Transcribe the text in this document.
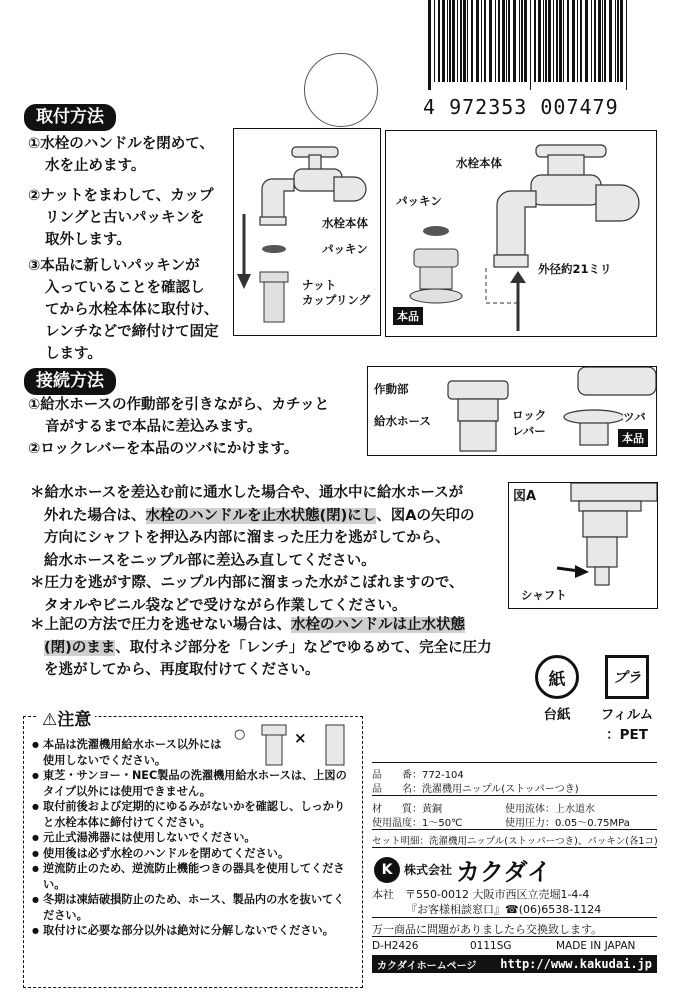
4 972353 007479
取付方法
①水栓のハンドルを閉めて、
水を止めます。
②ナットをまわして、カップ
リングと古いパッキンを
取外します。
③本品に新しいパッキンが
入っていることを確認し
てから水栓本体に取付け、
レンチなどで締付けて固定
します。
水栓本体
パッキン
ナット
カップリング
水栓本体
パッキン
外径約21ミリ
本品
接続方法
①給水ホースの作動部を引きながら、カチッと
音がするまで本品に差込みます。
②ロックレバーを本品のツバにかけます。
作動部
給水ホース	ロック
レバー
ツバ
本品
＊給水ホースを差込む前に通水した場合や、通水中に給水ホースが
外れた場合は、水栓のハンドルを止水状態(閉)にし、図Aの矢印の
方向にシャフトを押込み内部に溜まった圧力を逃がしてから、
給水ホースをニップル部に差込み直してください。
＊圧力を逃がす際、ニップル内部に溜まった水がこぼれますので、
タオルやビニル袋などで受けながら作業してください。
＊上記の方法で圧力を逃せない場合は、水栓のハンドルは止水状態
(閉)のまま、取付ネジ部分を「レンチ」などでゆるめて、完全に圧力
を逃がしてから、再度取付けてください。
図A
シャフト
紙
台紙
プラ
フィルム
：PET
⚠注意
○	×
● 本品は洗濯機用給水ホース以外には使用しないでください。
● 東芝・サンヨー・NEC製品の洗濯機用給水ホースは、上図のタイプ以外には使用できません。
● 取付前後および定期的にゆるみがないかを確認し、しっかりと水栓本体に締付けてください。
● 元止式湯沸器には使用しないでください。
● 使用後は必ず水栓のハンドルを閉めてください。
● 逆流防止のため、逆流防止機能つきの器具を使用してください。
● 冬期は凍結破損防止のため、ホース、製品内の水を抜いてください。
● 取付けに必要な部分以外は絶対に分解しないでください。
品　　番：772-104
品　　名：洗濯機用ニップル(ストッパーつき)
材　　質：黄銅	使用流体：上水道水
使用温度：1～50℃	使用圧力：0.05～0.75MPa
セット明細：洗濯機用ニップル(ストッパーつき)、パッキン(各1コ)
K 株式会社 カクダイ
本社　 〒550-0012 大阪市西区立売堀1-4-4
『お客様相談窓口』☎(06)6538-1124
万一商品に問題がありましたら交換致します。
D-H2426	0111SG	MADE IN JAPAN
カクダイホームページ http://www.kakudai.jp
